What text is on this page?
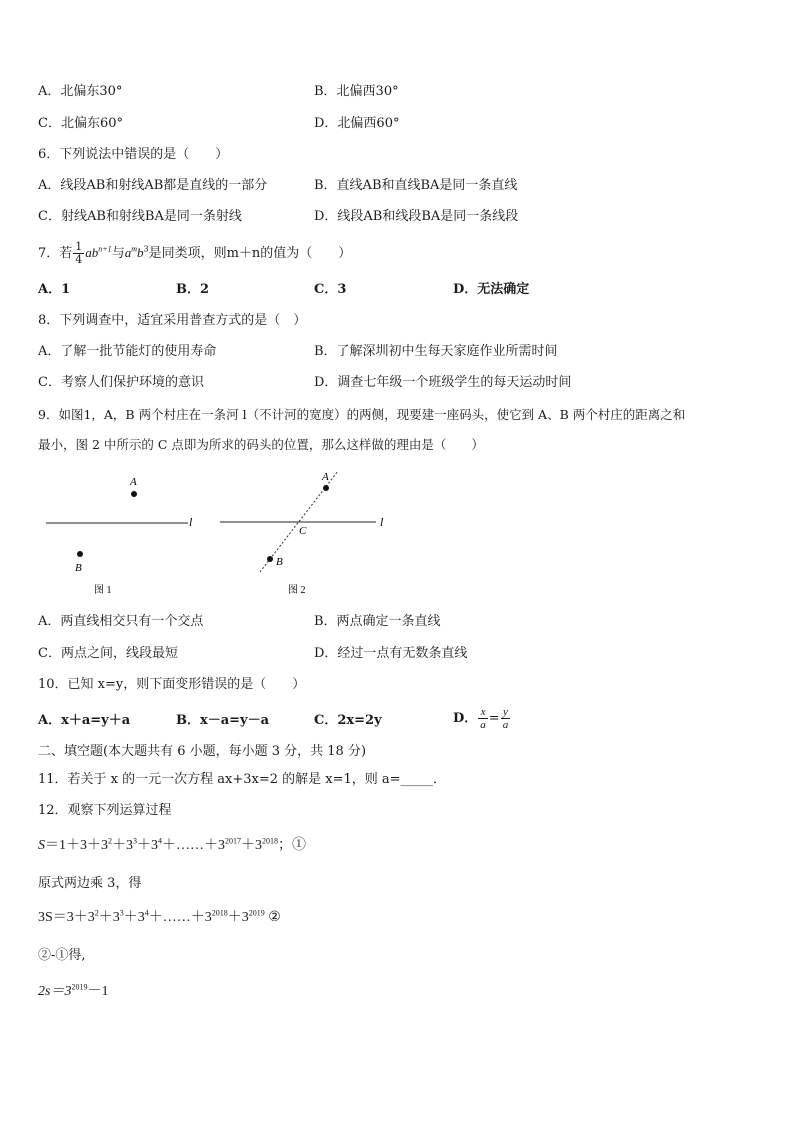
A．北偏东30°	B．北偏西30°
C．北偏东60°	D．北偏西60°
6．下列说法中错误的是（　　）
A．线段AB和射线AB都是直线的一部分	B．直线AB和直线BA是同一条直线
C．射线AB和射线BA是同一条射线	D．线段AB和线段BA是同一条线段
7．若 $\frac{1}{4} ab^{n+1}$与$a^mb^3$是同类项，则m＋n的值为（　　）
A．1	B．2	C．3	D．无法确定
8．下列调查中，适宜采用普查方式的是（　）
A．了解一批节能灯的使用寿命	B．了解深圳初中生每天家庭作业所需时间
C．考察人们保护环境的意识	D．调查七年级一个班级学生的每天运动时间
9．如图1，A，B 两个村庄在一条河 l（不计河的宽度）的两侧，现要建一座码头，使它到 A、B 两个村庄的距离之和
最小，图 2 中所示的 C 点即为所求的码头的位置，那么这样做的理由是（　　）
A
B
l
图 1
A
B
C
l
图 2
A．两直线相交只有一个交点	B．两点确定一条直线
C．两点之间，线段最短	D．经过一点有无数条直线
10．已知 x=y，则下面变形错误的是（　　）
A．x＋a=y＋a	B．x－a=y－a	C．2x=2y	D． $\frac{x}{a} = \frac{y}{a}$
二、填空题(本大题共有 6 小题，每小题 3 分，共 18 分)
11．若关于 x 的一元一次方程 ax+3x=2 的解是 x=1，则 a=_____．
12．观察下列运算过程
$S=1+3+3^2+3^3+3^4+\dots\dots+3^{2017}+3^{2018}$；①
原式两边乘 3，得
$3S=3+3^2+3^3+3^4+\dots\dots+3^{2018}+3^{2019}$ ②
②-①得,
$2s=3^{2019}-1$
